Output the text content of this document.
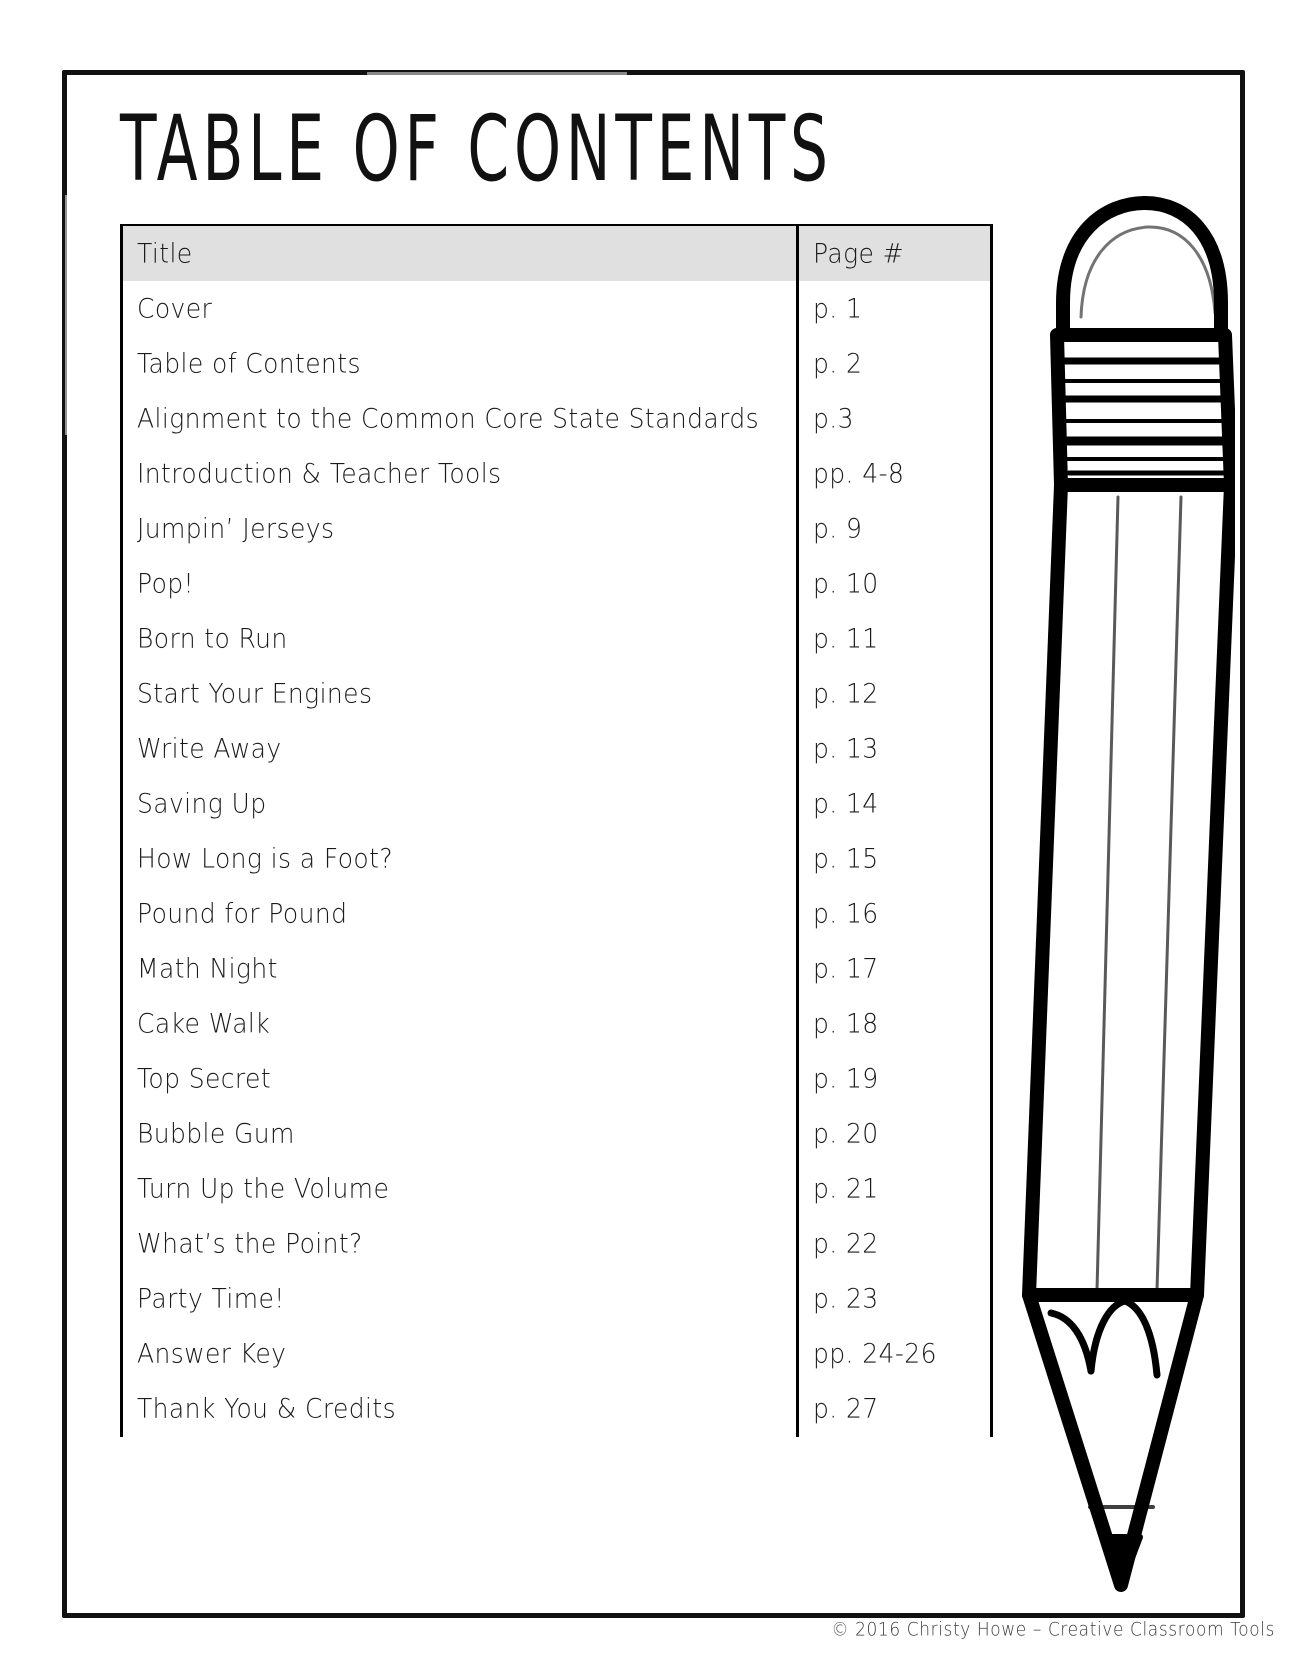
TABLE OF CONTENTS
Title	Page #
Cover	p. 1
Table of Contents	p. 2
Alignment to the Common Core State Standards	p.3
Introduction & Teacher Tools	pp. 4-8
Jumpin’ Jerseys	p. 9
Pop!	p. 10
Born to Run	p. 11
Start Your Engines	p. 12
Write Away	p. 13
Saving Up	p. 14
How Long is a Foot?	p. 15
Pound for Pound	p. 16
Math Night	p. 17
Cake Walk	p. 18
Top Secret	p. 19
Bubble Gum	p. 20
Turn Up the Volume	p. 21
What’s the Point?	p. 22
Party Time!	p. 23
Answer Key	pp. 24-26
Thank You & Credits	p. 27
© 2016 Christy Howe – Creative Classroom Tools
